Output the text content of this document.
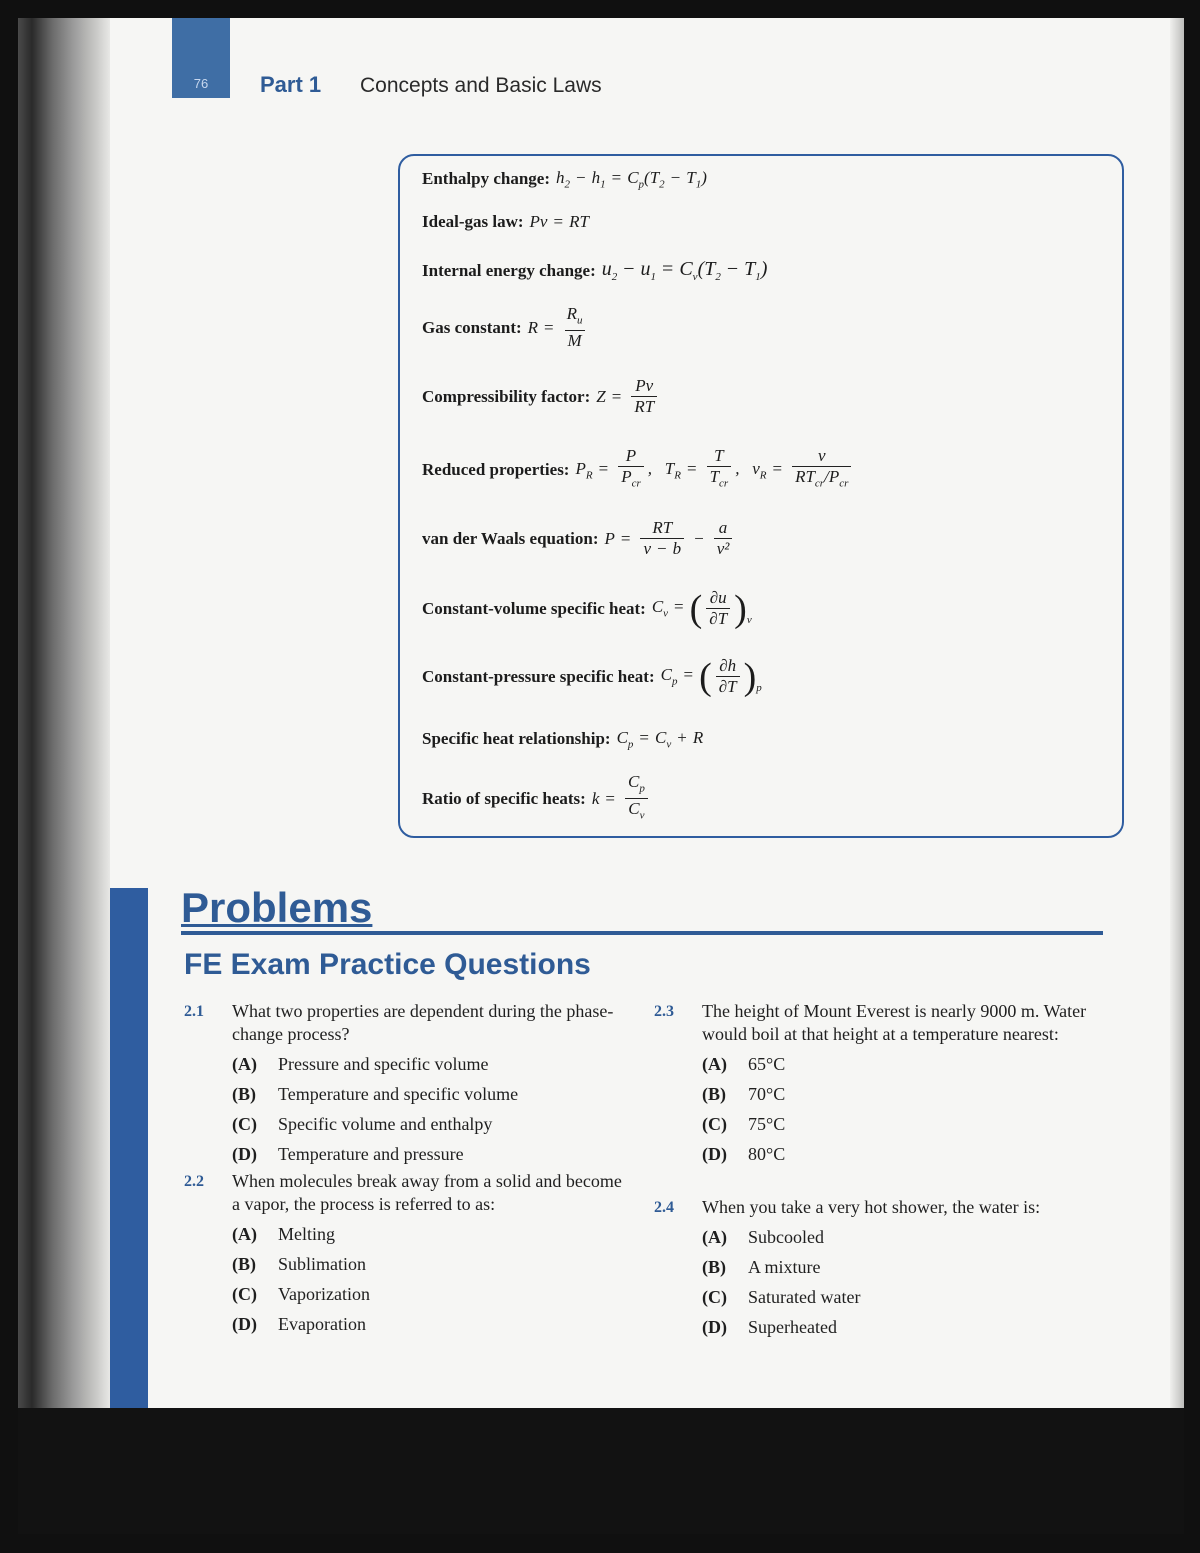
76	Part 1 Concepts and Basic Laws
Enthalpy change: $h_2 - h_1 = C_p(T_2 - T_1)$
Ideal-gas law: Pv = RT
Internal energy change: $u_2 - u_1 = C_v(T_2 - T_1)$
Gas constant: $R = \frac{R_u}{M}$
Compressibility factor: $Z = \frac{Pv}{RT}$
Reduced properties: $P_R = \frac{P}{P_{cr}}$ ,   $T_R = \frac{T}{T_{cr}}$ ,   $v_R = \frac{v}{RT_{cr}/P_{cr}}$
van der Waals equation: $P = \frac{RT}{v - b} - \frac{a}{\text{v²}}$
Constant-volume specific heat: $C_v$ = ( $\frac{\partial u}{\partial T}$ ) v
Constant-pressure specific heat: $C_p$ = ( $\frac{\partial h}{\partial T}$ ) p
Specific heat relationship: $C_p = C_v + R$
Ratio of specific heats: $k = \frac{C_p}{C_v}$
Problems
FE Exam Practice Questions
2.1 What two properties are dependent during the phase-change process?
(A)	Pressure and specific volume
(B)	Temperature and specific volume
(C)	Specific volume and enthalpy
(D)	Temperature and pressure
2.2 When molecules break away from a solid and become a vapor, the process is referred to as:
(A)	Melting
(B)	Sublimation
(C)	Vaporization
(D)	Evaporation
2.3 The height of Mount Everest is nearly 9000 m. Water would boil at that height at a temperature nearest:
(A)	65°C
(B)	70°C
(C)	75°C
(D)	80°C
2.4 When you take a very hot shower, the water is:
(A)	Subcooled
(B)	A mixture
(C)	Saturated water
(D)	Superheated
